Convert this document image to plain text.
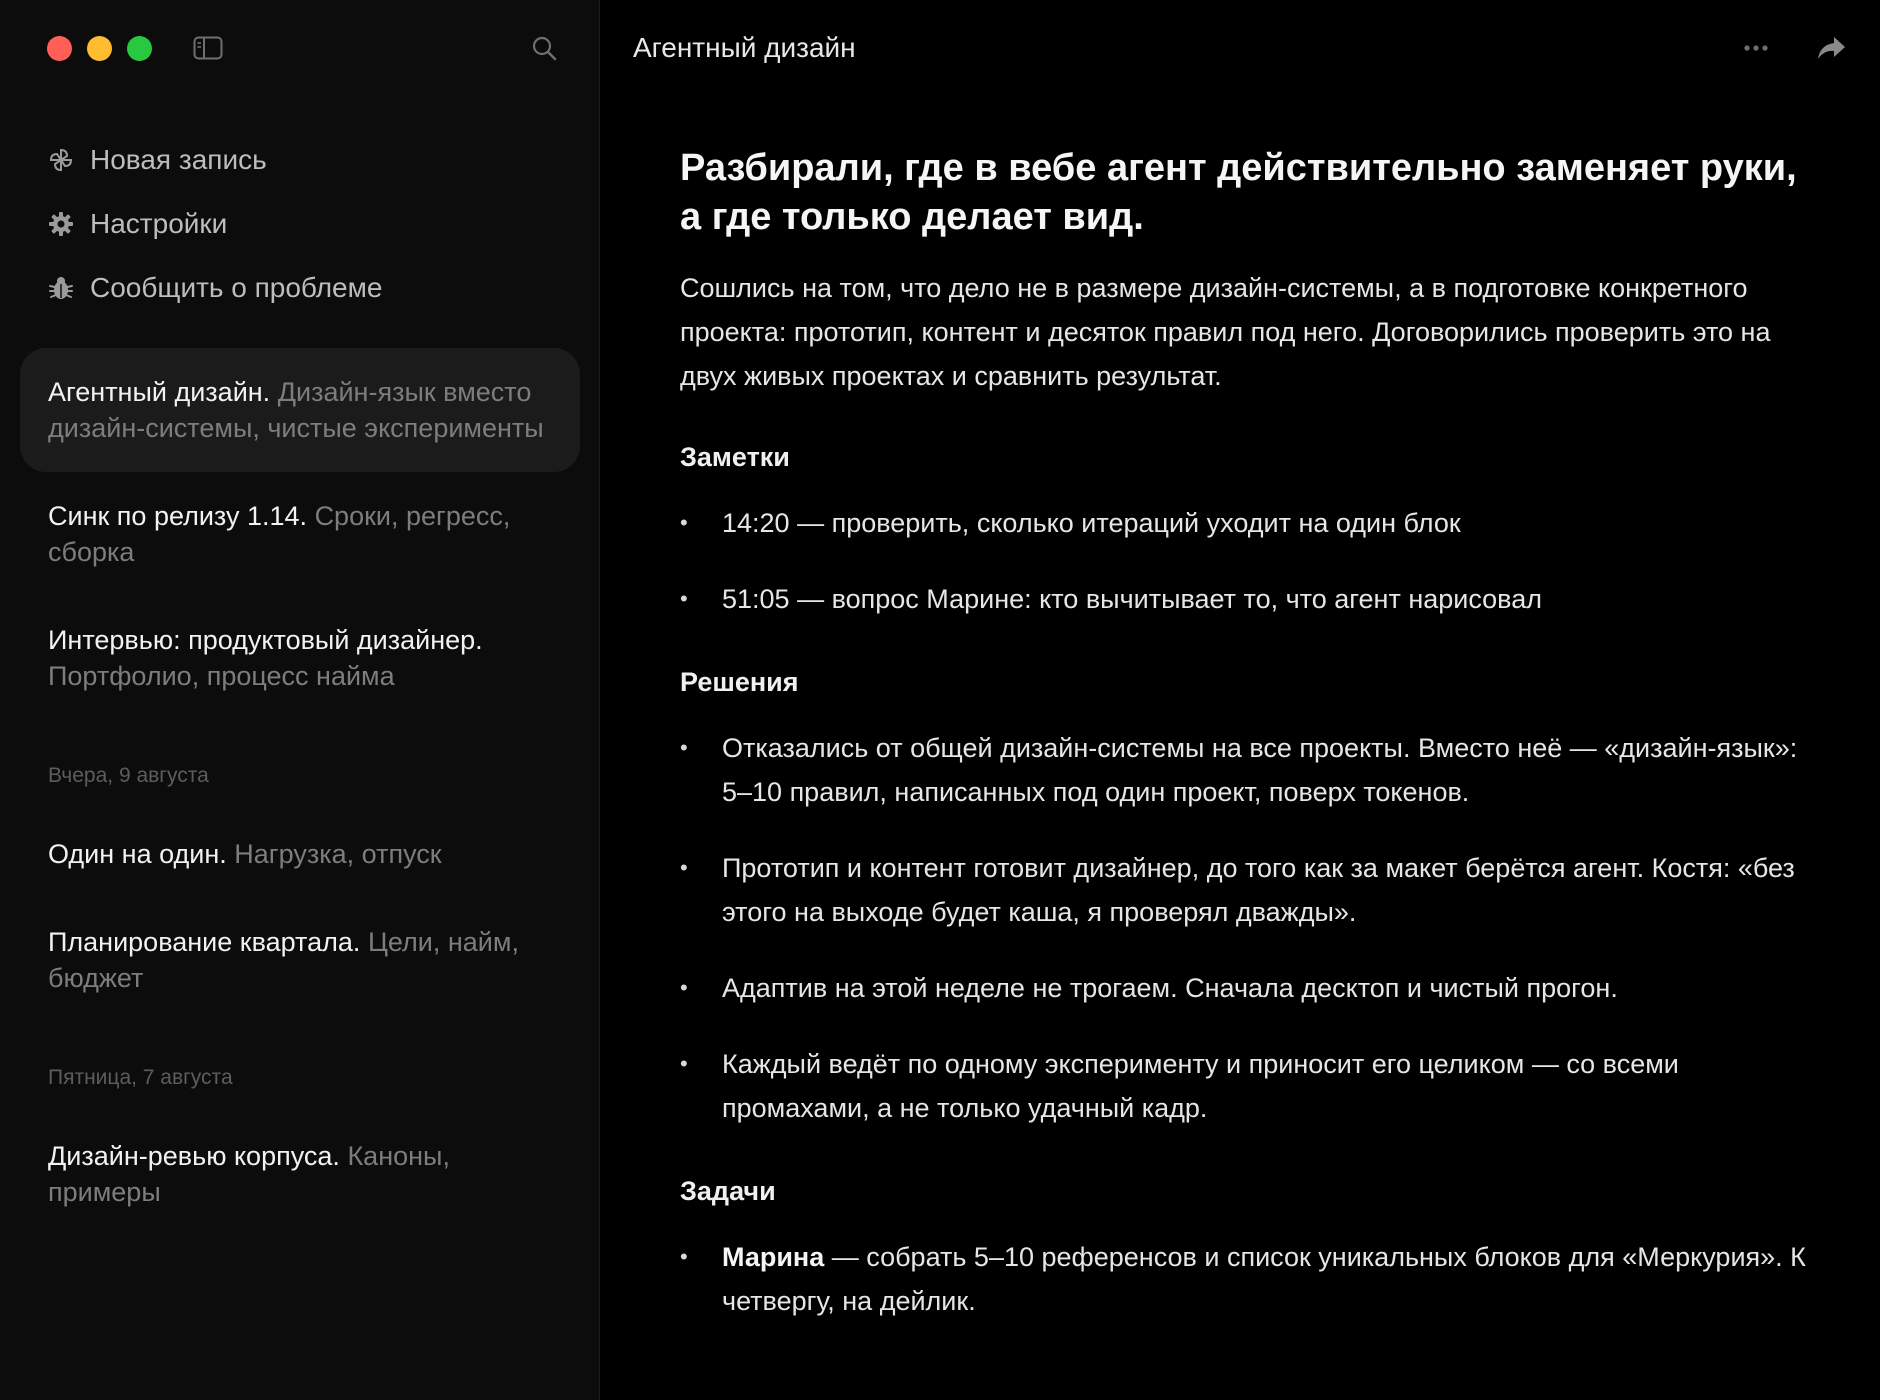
Новая запись
Настройки
Сообщить о проблеме
Агентный дизайн. Дизайн-язык вместо дизайн-системы, чистые эксперименты
Синк по релизу 1.14. Сроки, регресс, сборка
Интервью: продуктовый дизайнер. Портфолио, процесс найма
Вчера, 9 августа
Один на один. Нагрузка, отпуск
Планирование квартала. Цели, найм, бюджет
Пятница, 7 августа
Дизайн-ревью корпуса. Каноны, примеры
Агентный дизайн
Разбирали, где в вебе агент действительно заменяет руки, а где только делает вид.

Сошлись на том, что дело не в размере дизайн-системы, а в подготовке конкретного проекта: прототип, контент и десяток правил под него. Договорились проверить это на двух живых проектах и сравнить результат.

Заметки
• 14:20 — проверить, сколько итераций уходит на один блок
• 51:05 — вопрос Марине: кто вычитывает то, что агент нарисовал
Решения
• Отказались от общей дизайн-системы на все проекты. Вместо неё — «дизайн-язык»: 5–10 правил, написанных под один проект, поверх токенов.
• Прототип и контент готовит дизайнер, до того как за макет берётся агент. Костя: «без этого на выходе будет каша, я проверял дважды».
• Адаптив на этой неделе не трогаем. Сначала десктоп и чистый прогон.
• Каждый ведёт по одному эксперименту и приносит его целиком — со всеми промахами, а не только удачный кадр.
Задачи
• Марина — собрать 5–10 референсов и список уникальных блоков для «Меркурия». К четвергу, на дейлик.
